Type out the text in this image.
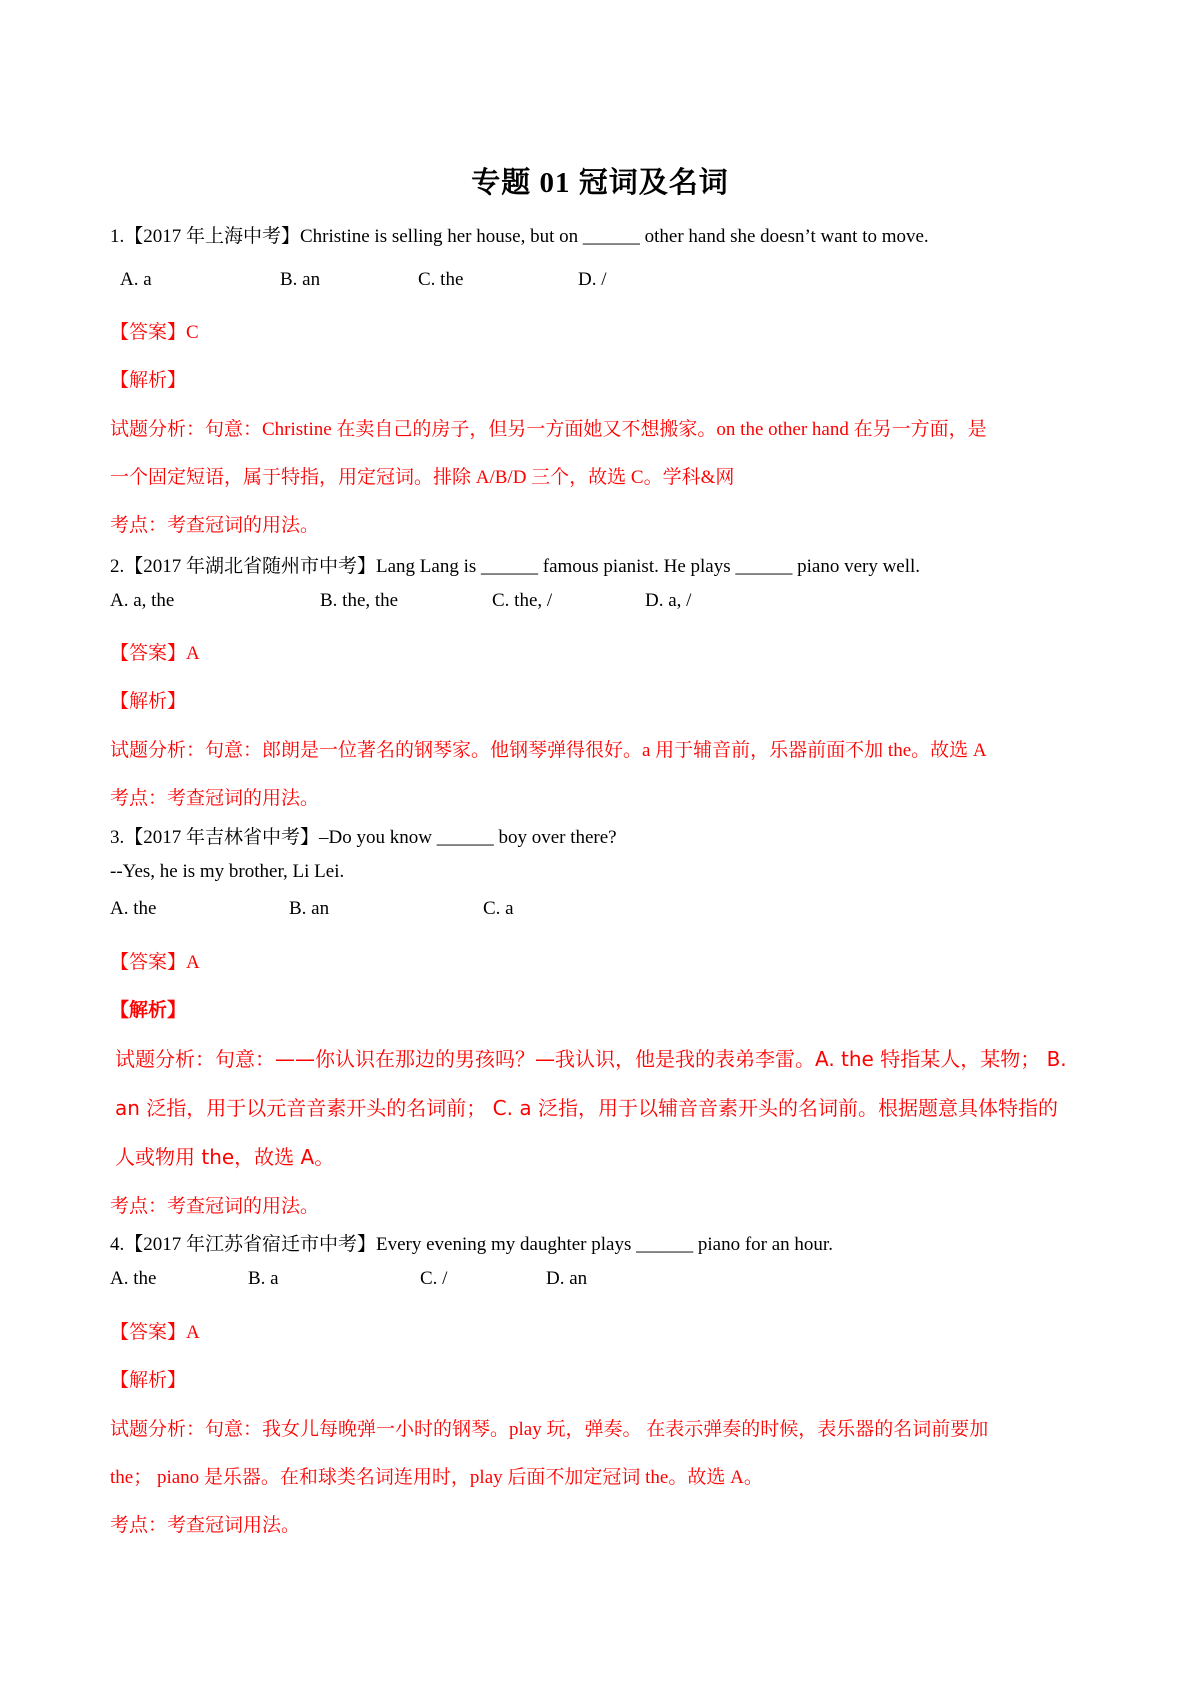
专题 01 冠词及名词
1.【2017 年上海中考】Christine is selling her house, but on ______ other hand she doesn’t want to move.
A. a	B. an	C. the	D. /
【答案】C
【解析】
试题分析：句意：Christine 在卖自己的房子，但另一方面她又不想搬家。on the other hand 在另一方面，是
一个固定短语，属于特指，用定冠词。排除 A/B/D 三个，故选 C。学科&网
考点：考查冠词的用法。
2.【2017 年湖北省随州市中考】Lang Lang is ______ famous pianist. He plays ______ piano very well.
A. a, the	B. the, the	C. the, /	D. a, /
【答案】A
【解析】
试题分析：句意：郎朗是一位著名的钢琴家。他钢琴弹得很好。a 用于辅音前，乐器前面不加 the。故选 A
考点：考查冠词的用法。
3.【2017 年吉林省中考】–Do you know ______ boy over there?
--Yes, he is my brother, Li Lei.
A. the	B. an	C. a
【答案】A
【解析】
试题分析：句意：——你认识在那边的男孩吗？—我认识，他是我的表弟李雷。A. the 特指某人，某物； B.
an 泛指，用于以元音音素开头的名词前； C. a 泛指，用于以辅音音素开头的名词前。根据题意具体特指的
人或物用 the，故选 A。
考点：考查冠词的用法。
4.【2017 年江苏省宿迁市中考】Every evening my daughter plays ______ piano for an hour.
A. the	B. a	C. /	D. an
【答案】A
【解析】
试题分析：句意：我女儿每晚弹一小时的钢琴。play 玩，弹奏。 在表示弹奏的时候，表乐器的名词前要加
the； piano 是乐器。在和球类名词连用时，play 后面不加定冠词 the。故选 A。
考点：考查冠词用法。
